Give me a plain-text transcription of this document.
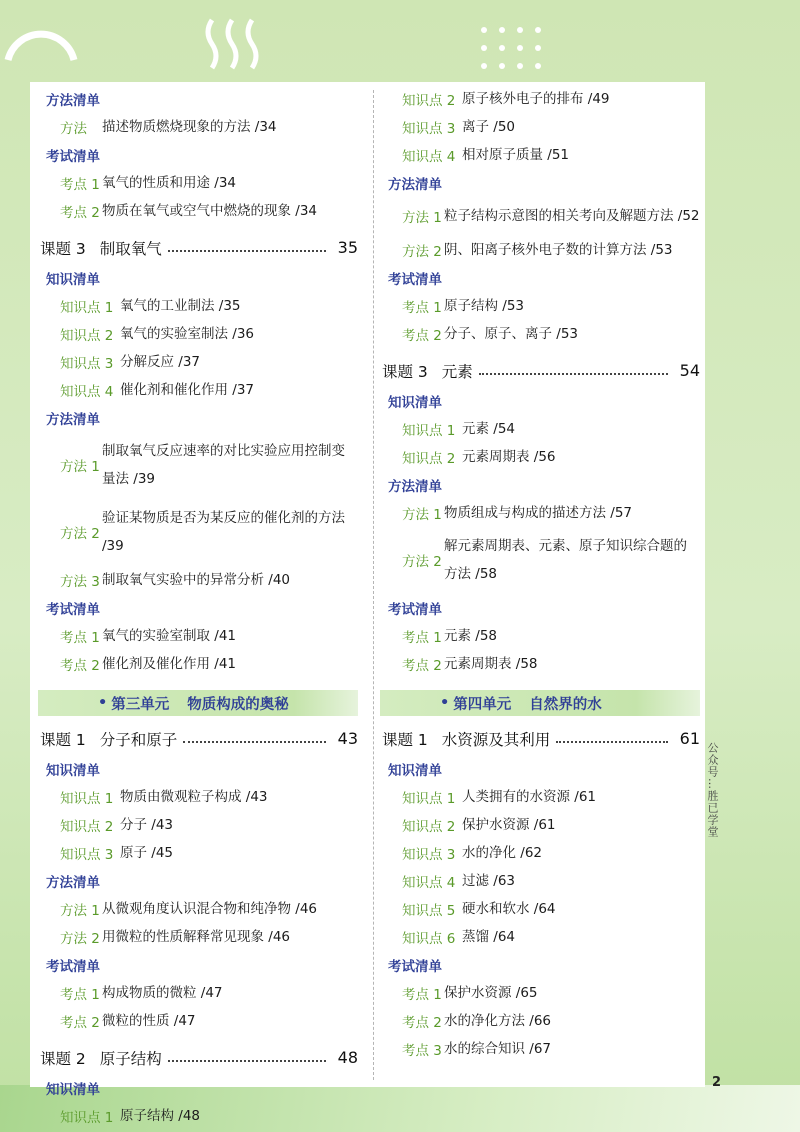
方法清单
方法	描述物质燃烧现象的方法 /34
考试清单
考点 1 氧气的性质和用途 /34
考点 2 物质在氧气或空气中燃烧的现象 /34
课题 3 制取氧气	35
知识清单
知识点 1 氧气的工业制法 /35
知识点 2 氧气的实验室制法 /36
知识点 3 分解反应 /37
知识点 4 催化剂和催化作用 /37
方法清单
方法 1
制取氧气反应速率的对比实验应用控制变量法 /39
方法 2
验证某物质是否为某反应的催化剂的方法 /39
方法 3 制取氧气实验中的异常分析 /40
考试清单
考点 1 氧气的实验室制取 /41
考点 2 催化剂及催化作用 /41
• 第三单元 物质构成的奥秘
课题 1 分子和原子	43
知识清单
知识点 1 物质由微观粒子构成 /43
知识点 2 分子 /43
知识点 3 原子 /45
方法清单
方法 1 从微观角度认识混合物和纯净物 /46
方法 2 用微粒的性质解释常见现象 /46
考试清单
考点 1 构成物质的微粒 /47
考点 2 微粒的性质 /47
课题 2 原子结构	48
知识清单
知识点 1 原子结构 /48
知识点 2 原子核外电子的排布 /49
知识点 3 离子 /50
知识点 4 相对原子质量 /51
方法清单
方法 1 粒子结构示意图的相关考向及解题方法 /52
方法 2 阴、阳离子核外电子数的计算方法 /53
考试清单
考点 1 原子结构 /53
考点 2 分子、原子、离子 /53
课题 3 元素	54
知识清单
知识点 1 元素 /54
知识点 2 元素周期表 /56
方法清单
方法 1 物质组成与构成的描述方法 /57
方法 2
解元素周期表、元素、原子知识综合题的方法 /58
考试清单
考点 1 元素 /58
考点 2 元素周期表 /58
• 第四单元 自然界的水
课题 1 水资源及其利用	61
知识清单
知识点 1 人类拥有的水资源 /61
知识点 2 保护水资源 /61
知识点 3 水的净化 /62
知识点 4 过滤 /63
知识点 5 硬水和软水 /64
知识点 6 蒸馏 /64
考试清单
考点 1 保护水资源 /65
考点 2 水的净化方法 /66
考点 3 水的综合知识 /67
公众号…胜已学堂
2
